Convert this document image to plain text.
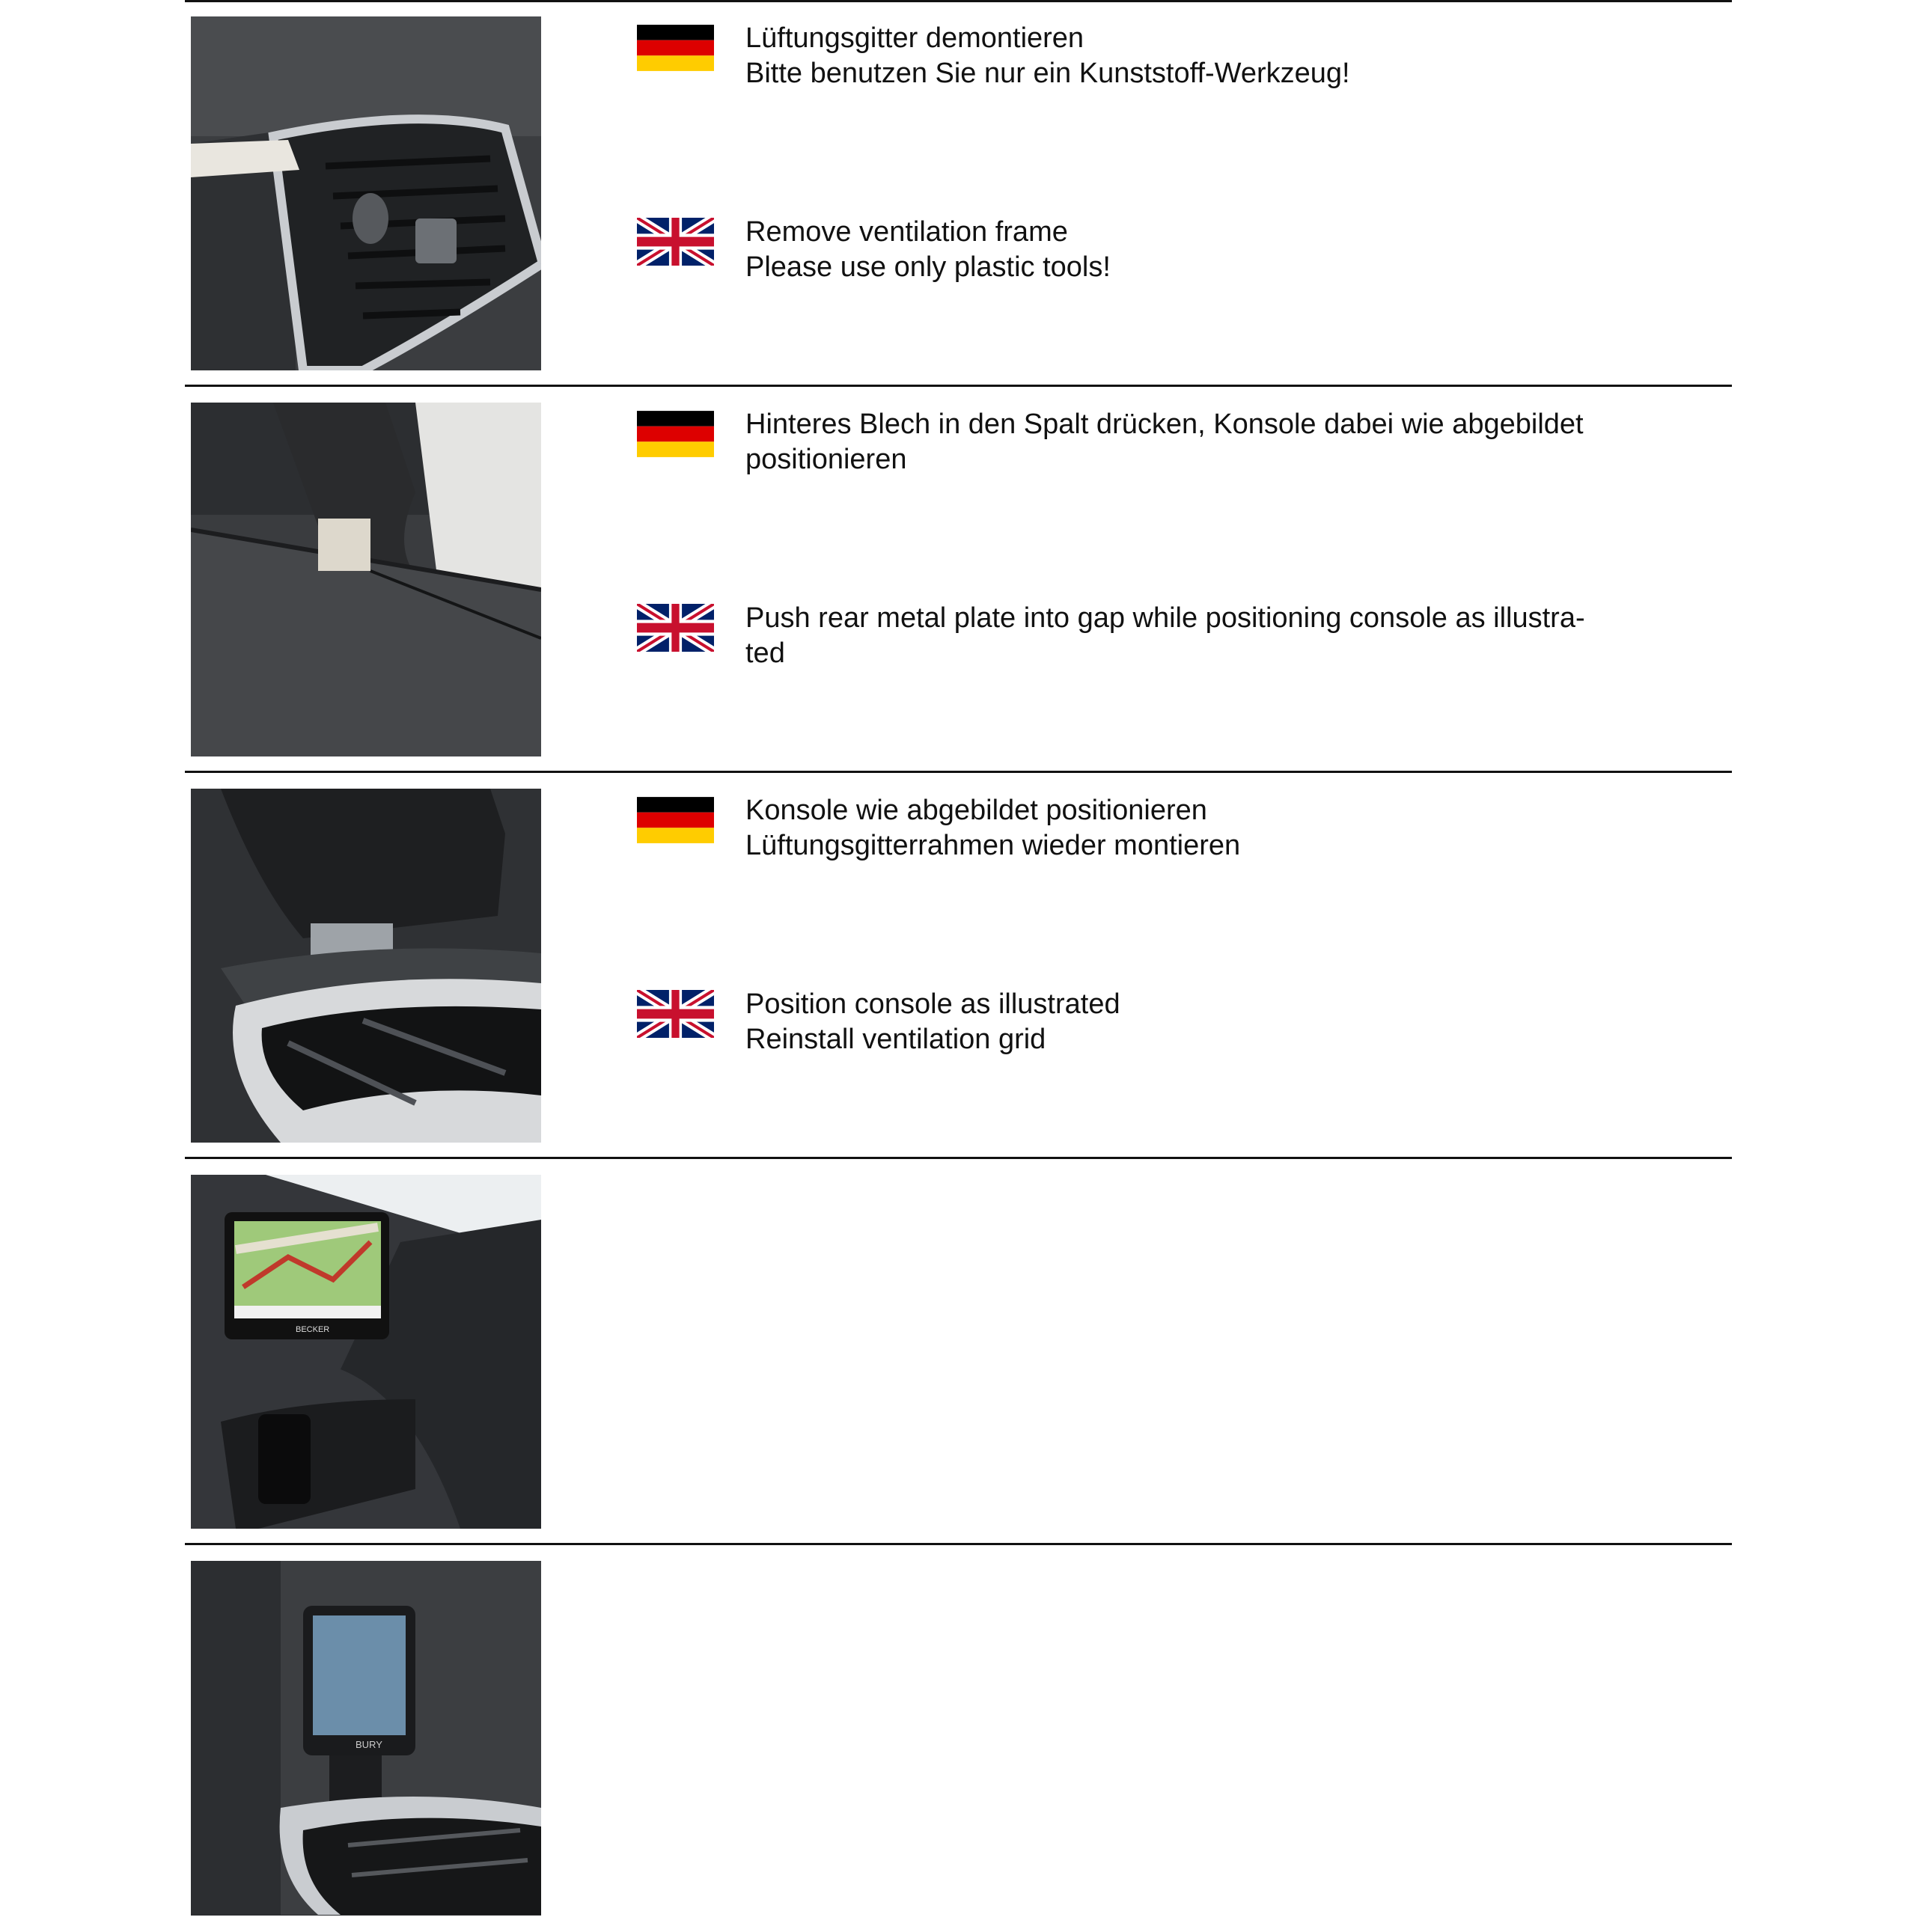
Lüftungsgitter demontieren
Bitte benutzen Sie nur ein Kunststoff-Werkzeug!
Remove ventilation frame
Please use only plastic tools!
Hinteres Blech in den Spalt drücken, Konsole dabei wie abgebildet
positionieren
Push rear metal plate into gap while positioning console as illustra-
ted
Konsole wie abgebildet positionieren
Lüftungsgitterrahmen wieder montieren
Position console as illustrated
Reinstall ventilation grid
BECKER
BURY
